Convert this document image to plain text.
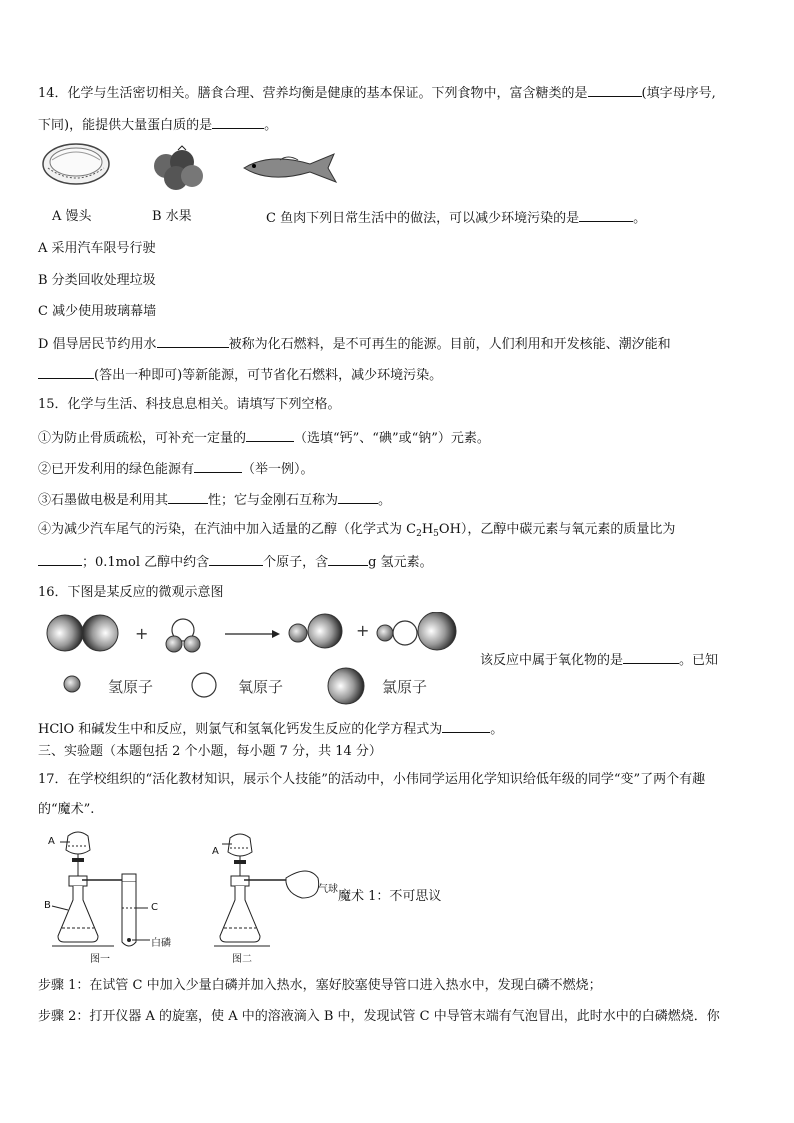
14．化学与生活密切相关。膳食合理、营养均衡是健康的基本保证。下列食物中，富含糖类的是	(填字母序号,
下同)，能提供大量蛋白质的是	。
A 馒头	B 水果	C 鱼肉下列日常生活中的做法，可以减少环境污染的是	。
A 采用汽车限号行驶
B 分类回收处理垃圾
C 减少使用玻璃幕墙
D 倡导居民节约用水	被称为化石燃料，是不可再生的能源。目前，人们利用和开发核能、潮汐能和
(答出一种即可)等新能源，可节省化石燃料，减少环境污染。
15．化学与生活、科技息息相关。请填写下列空格。
①为防止骨质疏松，可补充一定量的	（选填“钙”、“碘”或“钠”）元素。
②已开发利用的绿色能源有	（举一例）。
③石墨做电极是利用其	性；它与金刚石互称为	。
④为减少汽车尾气的污染，在汽油中加入适量的乙醇（化学式为 $C_2H_5OH$），乙醇中碳元素与氧元素的质量比为
；0.1mol 乙醇中约含	个原子，含	g 氢元素。
16．下图是某反应的微观示意图
+	+
氢原子	氧原子	氯原子
该反应中属于氧化物的是	。已知
HClO 和碱发生中和反应，则氯气和氢氧化钙发生反应的化学方程式为	。
三、实验题（本题包括 2 个小题，每小题 7 分，共 14 分）
17．在学校组织的“活化教材知识，展示个人技能”的活动中，小伟同学运用化学知识给低年级的同学“变”了两个有趣
的“魔术”.
A
B	C
白磷
图一
A
气球
图二
魔术 1：不可思议
步骤 1：在试管 C 中加入少量白磷并加入热水，塞好胶塞使导管口进入热水中，发现白磷不燃烧；
步骤 2：打开仪器 A 的旋塞，使 A 中的溶液滴入 B 中，发现试管 C 中导管末端有气泡冒出，此时水中的白磷燃烧．你
